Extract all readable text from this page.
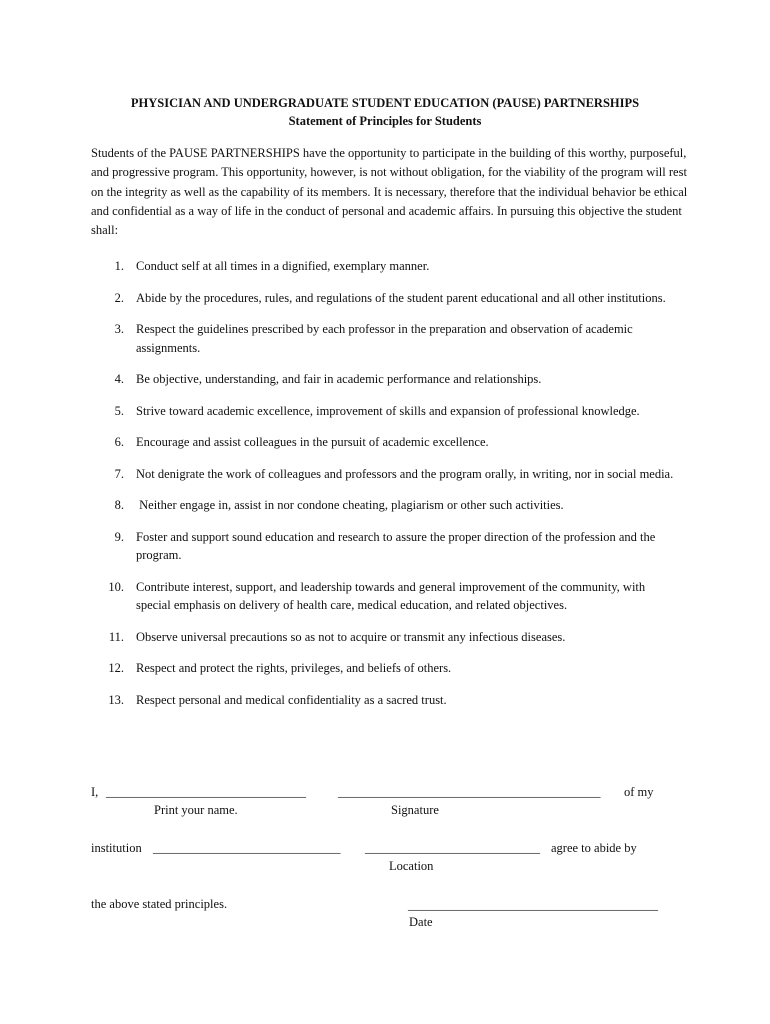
PHYSICIAN AND UNDERGRADUATE STUDENT EDUCATION (PAUSE) PARTNERSHIPS
Statement of Principles for Students

Students of the PAUSE PARTNERSHIPS have the opportunity to participate in the building of this worthy, purposeful, and progressive program. This opportunity, however, is not without obligation, for the viability of the program will rest on the integrity as well as the capability of its members. It is necessary, therefore that the individual behavior be ethical and confidential as a way of life in the conduct of personal and academic affairs. In pursuing this objective the student shall:

1. Conduct self at all times in a dignified, exemplary manner.
2. Abide by the procedures, rules, and regulations of the student parent educational and all other institutions.
3. Respect the guidelines prescribed by each professor in the preparation and observation of academic assignments.
4. Be objective, understanding, and fair in academic performance and relationships.
5. Strive toward academic excellence, improvement of skills and expansion of professional knowledge.
6. Encourage and assist colleagues in the pursuit of academic excellence.
7. Not denigrate the work of colleagues and professors and the program orally, in writing, nor in social media.
8. Neither engage in, assist in nor condone cheating, plagiarism or other such activities.
9. Foster and support sound education and research to assure the proper direction of the profession and the program.
10. Contribute interest, support, and leadership towards and general improvement of the community, with special emphasis on delivery of health care, medical education, and related objectives.
11. Observe universal precautions so as not to acquire or transmit any infectious diseases.
12. Respect and protect the rights, privileges, and beliefs of others.
13. Respect personal and medical confidentiality as a sacred trust.
I, ________________________________	__________________________________________ of my
Print your name.	Signature
institution ______________________________ ____________________________ agree to abide by
Location
the above stated principles.	________________________________________
Date
